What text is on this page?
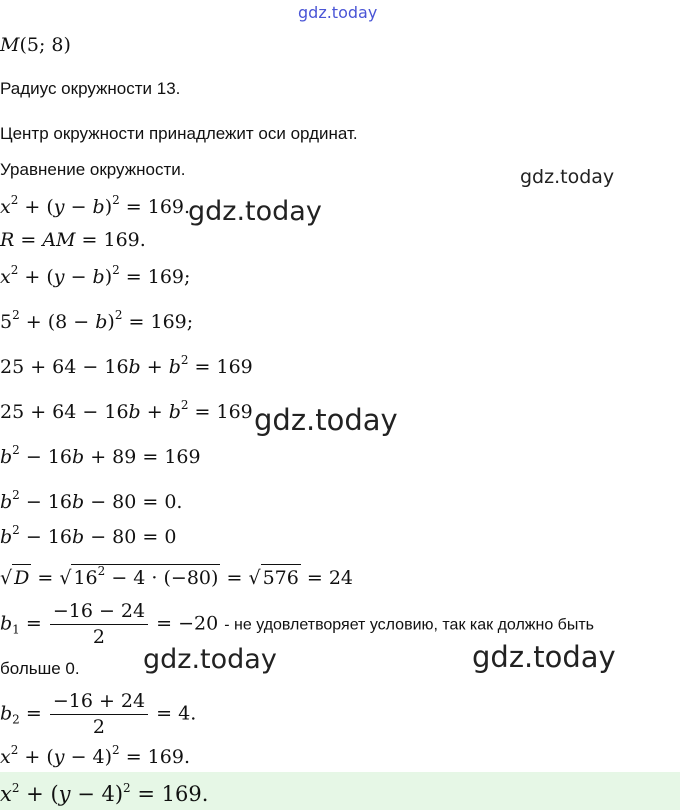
gdz.today
gdz.today
gdz.today
gdz.today
gdz.today	gdz.today
M(5; 8)
Радиус окружности 13.
Центр окружности принадлежит оси ординат.
Уравнение окружности.
$x^2 + (y - b)^2 = 169$.
R = AM = 169.
$x^2 + (y - b)^2 = 169$;
$5^2 + (8 - b)^2 = 169$;
$25 + 64 - 16b + b^2 = 169$
$25 + 64 - 16b + b^2 = 169$
$b^2 - 16b + 89 = 169$
$b^2 - 16b - 80 = 0$.
$b^2 - 16b - 80 = 0$
√ D = √ $16^2 - 4 \cdot (-80)$ = √ 576 = 24
$b_1 = \frac{-16 - 24}{2} = -20$ - не удовлетворяет условию, так как должно быть
больше 0.
$b_2 = \frac{-16 + 24}{2} = 4$.
$x^2 + (y - 4)^2 = 169$.
$x^2 + (y - 4)^2 = 169$.
